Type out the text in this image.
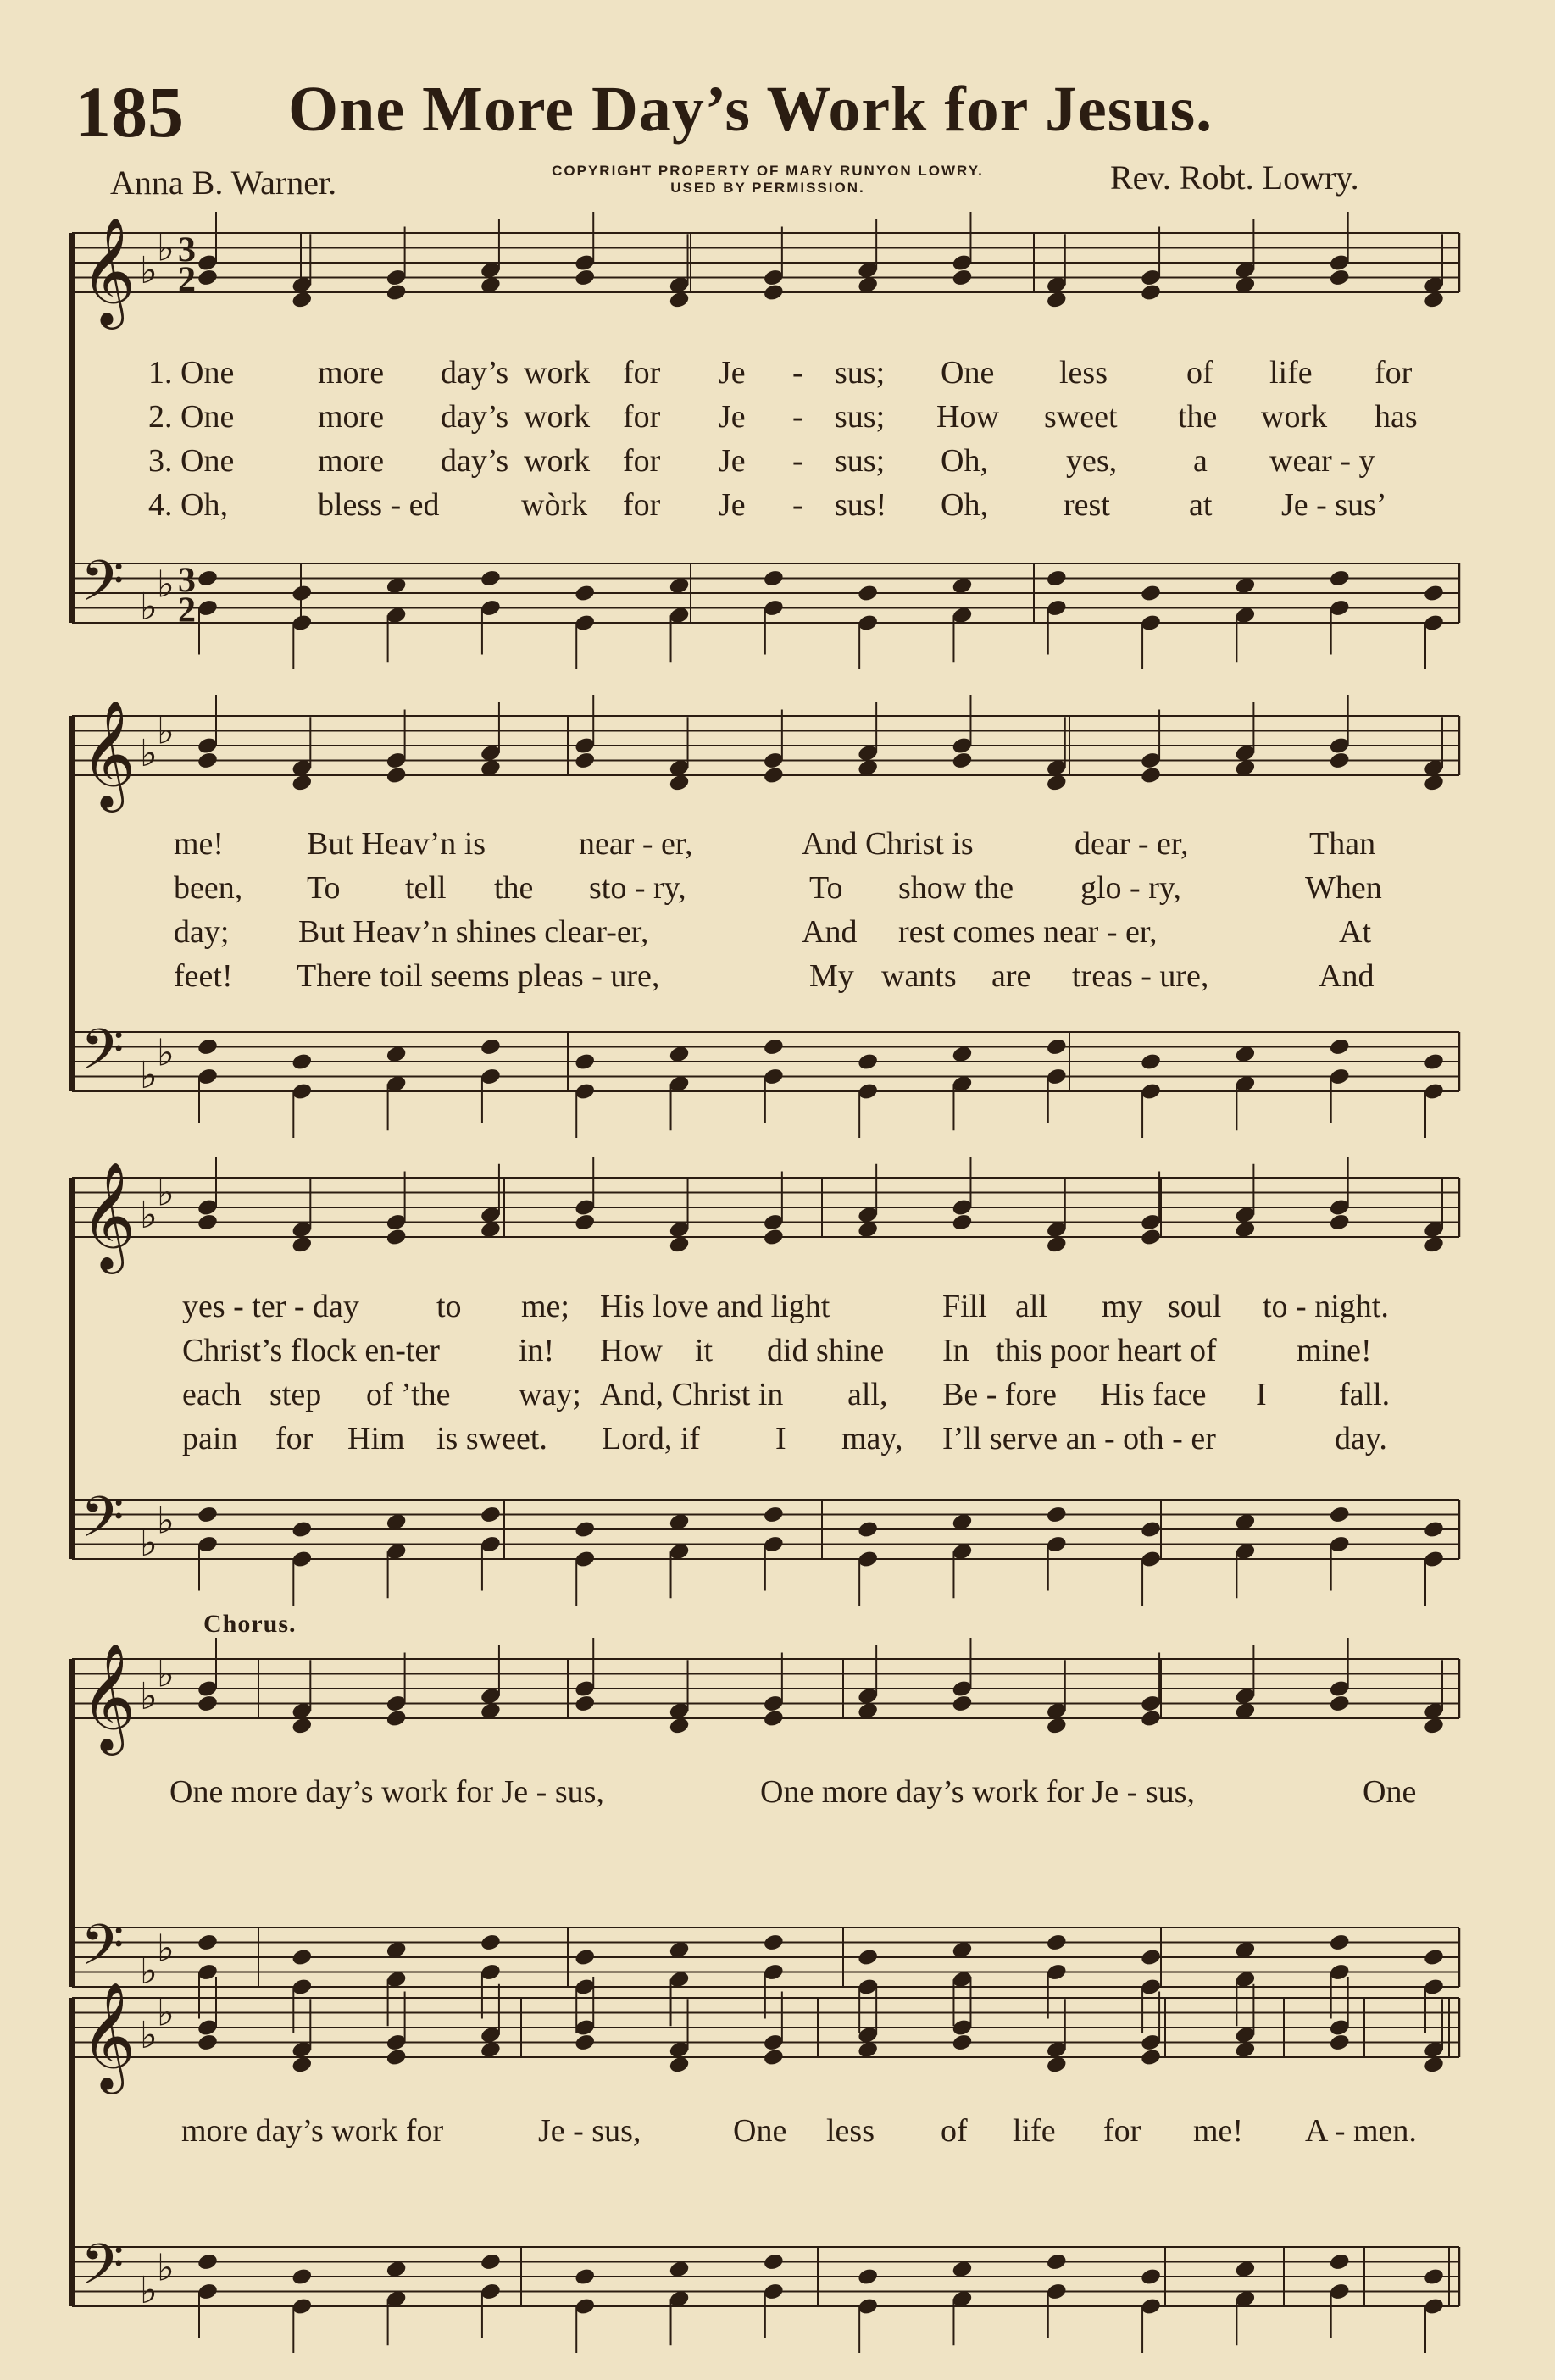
185 One More Day’s Work for Jesus.
Anna B. Warner.	COPYRIGHT PROPERTY OF MARY RUNYON LOWRY.
USED BY PERMISSION.	Rev. Robt. Lowry.
𝄞
𝄢
♭
♭
♭
♭
3
2
3
2
𝄞
𝄢
♭
♭
♭
♭
𝄞
𝄢
♭
♭
♭
♭
𝄞
𝄢
♭
♭
♭
♭
𝄞
𝄢
♭
♭
♭
♭
1. One	more day’s work for Je - sus; One less of life for
2. One	more day’s work for Je - sus; How sweet the work has
3. One	more day’s work for Je - sus; Oh, yes, a wear - y
4. Oh,	bless - ed	wòrk for Je - sus! Oh, rest at Je - sus’
me!	But Heav’n is	near - er,	And Christ is	dear - er,	Than
been, To tell the sto - ry,	To show the glo - ry,	When
day; But Heav’n shines clear-er,	And rest comes near - er,	At
feet! There toil seems pleas - ure,	My wants are treas - ure,	And
yes - ter - day to me; His love and light	Fill all my soul to - night.
Christ’s flock en-ter in! How it did shine In this poor heart of mine!
each step of ’the way; And, Christ in all, Be - fore His face I fall.
pain for Him is sweet. Lord, if I may, I’ll serve an - oth - er	day.
Chorus.
One more day’s work for Je - sus,	One more day’s work for Je - sus,	One
more day’s work for	Je - sus,	One less of life for me! A - men.
